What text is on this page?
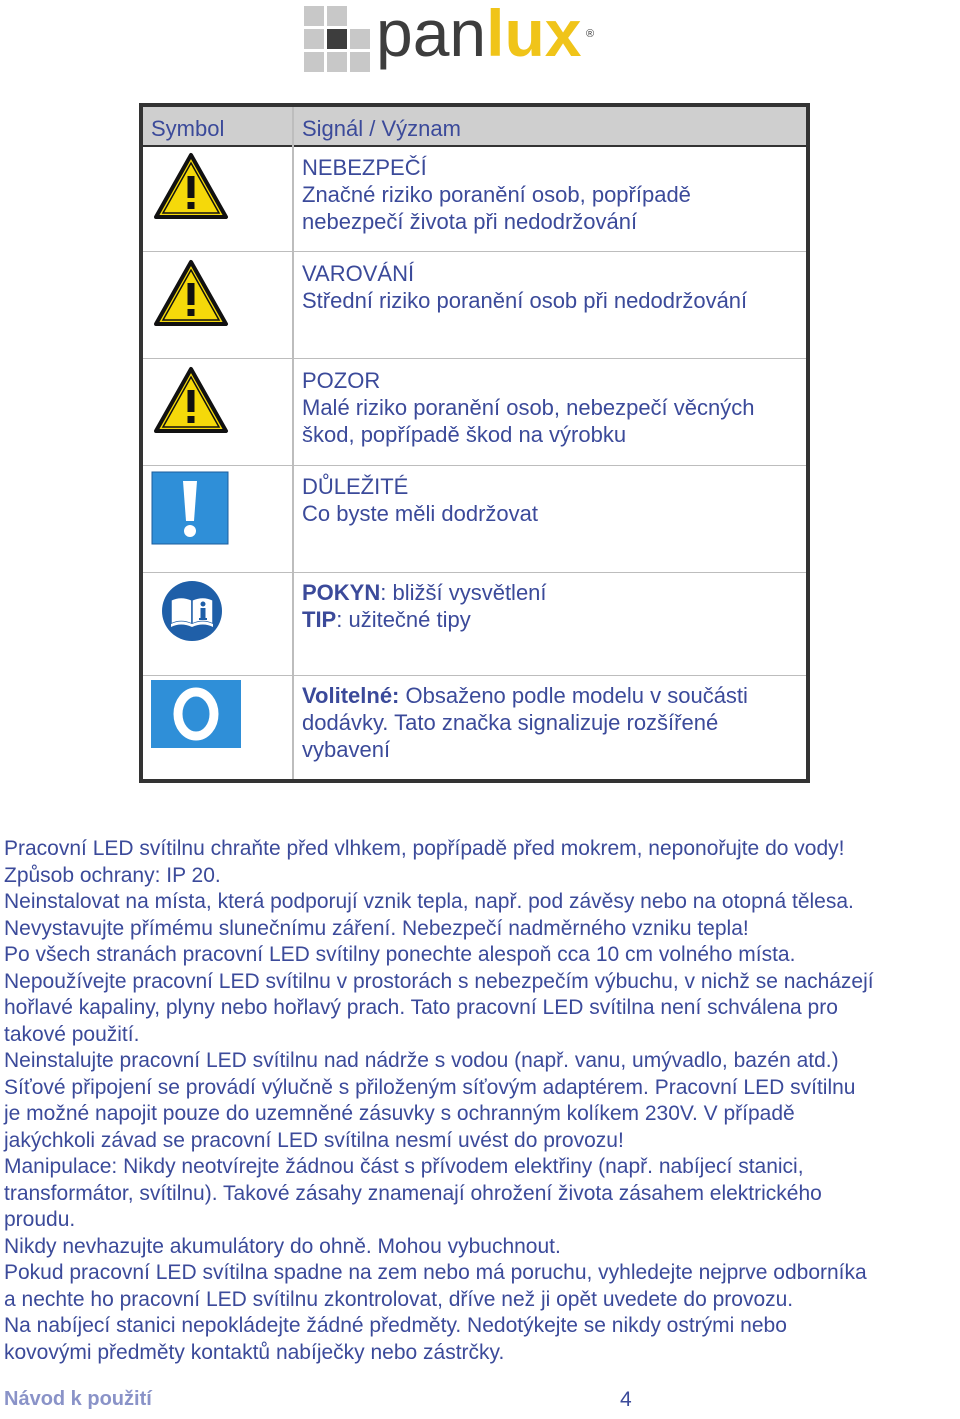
panlux ®
Symbol	Signál / Význam
NEBEZPEČÍ
Značné riziko poranění osob, popřípadě
nebezpečí života při nedodržování
VAROVÁNÍ
Střední riziko poranění osob při nedodržování
POZOR
Malé riziko poranění osob, nebezpečí věcných
škod, popřípadě škod na výrobku
DŮLEŽITÉ
Co byste měli dodržovat
POKYN: bližší vysvětlení
TIP: užitečné tipy
Volitelné: Obsaženo podle modelu v součásti
dodávky. Tato značka signalizuje rozšířené
vybavení

Pracovní LED svítilnu chraňte před vlhkem, popřípadě před mokrem, neponořujte do vody!

Způsob ochrany: IP 20.

Neinstalovat na místa, která podporují vznik tepla, např. pod závěsy nebo na otopná tělesa.

Nevystavujte přímému slunečnímu záření. Nebezpečí nadměrného vzniku tepla!

Po všech stranách pracovní LED svítilny ponechte alespoň cca 10 cm volného místa.

Nepoužívejte pracovní LED svítilnu v prostorách s nebezpečím výbuchu, v nichž se nacházejí

hořlavé kapaliny, plyny nebo hořlavý prach. Tato pracovní LED svítilna není schválena pro

takové použití.

Neinstalujte pracovní LED svítilnu nad nádrže s vodou (např. vanu, umývadlo, bazén atd.)

Síťové připojení se provádí výlučně s přiloženým síťovým adaptérem. Pracovní LED svítilnu

je možné napojit pouze do uzemněné zásuvky s ochranným kolíkem 230V. V případě

jakýchkoli závad se pracovní LED svítilna nesmí uvést do provozu!

Manipulace: Nikdy neotvírejte žádnou část s přívodem elektřiny (např. nabíjecí stanici,

transformátor, svítilnu). Takové zásahy znamenají ohrožení života zásahem elektrického

proudu.

Nikdy nevhazujte akumulátory do ohně. Mohou vybuchnout.

Pokud pracovní LED svítilna spadne na zem nebo má poruchu, vyhledejte nejprve odborníka

a nechte ho pracovní LED svítilnu zkontrolovat, dříve než ji opět uvedete do provozu.

Na nabíjecí stanici nepokládejte žádné předměty. Nedotýkejte se nikdy ostrými nebo

kovovými předměty kontaktů nabíječky nebo zástrčky.

Návod k použití	4
